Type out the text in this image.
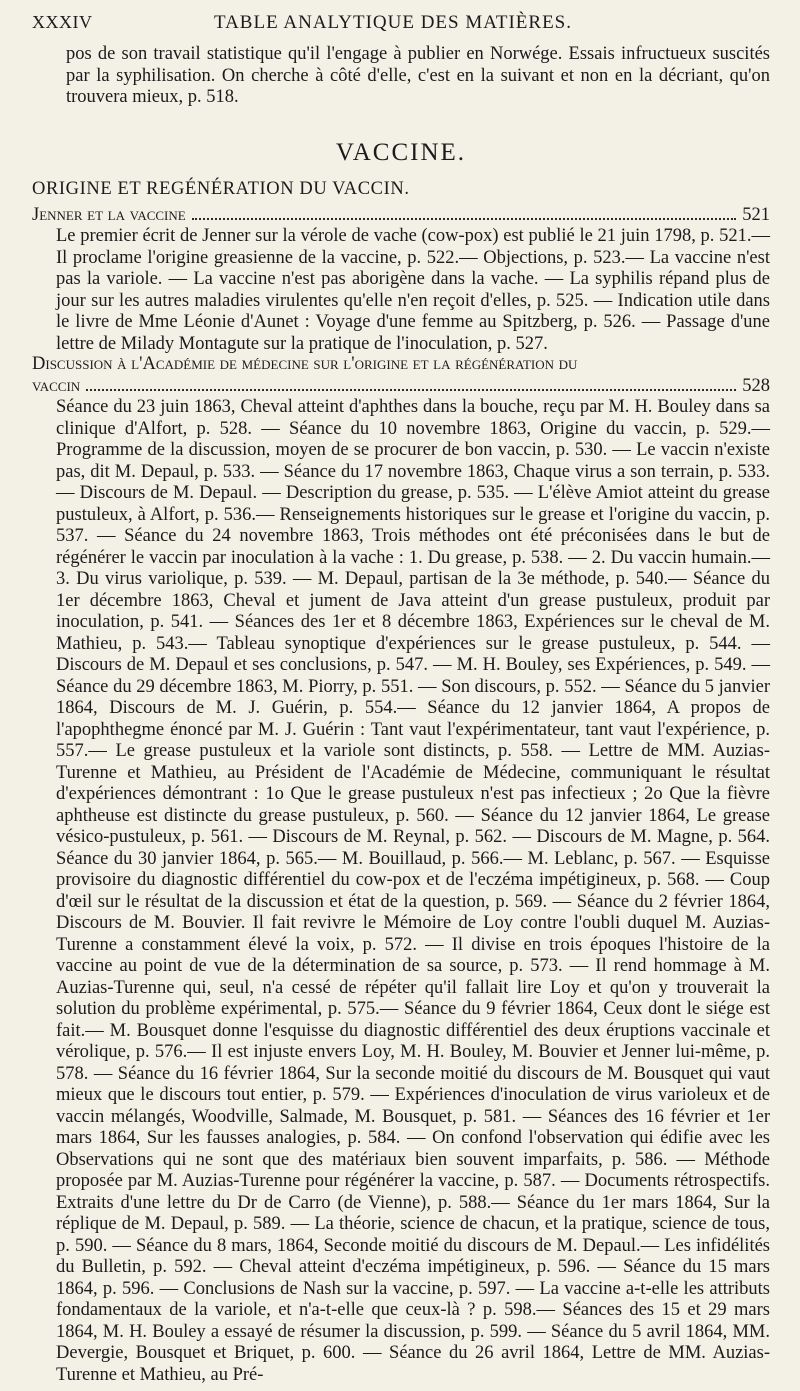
XXXIV	TABLE ANALYTIQUE DES MATIÈRES.

pos de son travail statistique qu'il l'engage à publier en Norwége. Essais infructueux suscités par la syphilisation. On cherche à côté d'elle, c'est en la suivant et non en la décriant, qu'on trouvera mieux, p. 518.

VACCINE.
ORIGINE ET REGÉNÉRATION DU VACCIN.
Jenner et la vaccine	521

Le premier écrit de Jenner sur la vérole de vache (cow-pox) est publié le 21 juin 1798, p. 521.— Il proclame l'origine greasienne de la vaccine, p. 522.— Objections, p. 523.— La vaccine n'est pas la variole. — La vaccine n'est pas aborigène dans la vache. — La syphilis répand plus de jour sur les autres maladies virulentes qu'elle n'en reçoit d'elles, p. 525. — Indication utile dans le livre de Mme Léonie d'Aunet : Voyage d'une femme au Spitzberg, p. 526. — Passage d'une lettre de Milady Montagute sur la pratique de l'inoculation, p. 527.

Discussion à l'Académie de médecine sur l'origine et la régénération du
vaccin	528

Séance du 23 juin 1863, Cheval atteint d'aphthes dans la bouche, reçu par M. H. Bouley dans sa clinique d'Alfort, p. 528. — Séance du 10 novembre 1863, Origine du vaccin, p. 529.— Programme de la discussion, moyen de se procurer de bon vaccin, p. 530. — Le vaccin n'existe pas, dit M. Depaul, p. 533. — Séance du 17 novembre 1863, Chaque virus a son terrain, p. 533. — Discours de M. Depaul. — Description du grease, p. 535. — L'élève Amiot atteint du grease pustuleux, à Alfort, p. 536.— Renseignements historiques sur le grease et l'origine du vaccin, p. 537. — Séance du 24 novembre 1863, Trois méthodes ont été préconisées dans le but de régénérer le vaccin par inoculation à la vache : 1. Du grease, p. 538. — 2. Du vaccin humain.— 3. Du virus variolique, p. 539. — M. Depaul, partisan de la 3e méthode, p. 540.— Séance du 1er décembre 1863, Cheval et jument de Java atteint d'un grease pustuleux, produit par inoculation, p. 541. — Séances des 1er et 8 décembre 1863, Expériences sur le cheval de M. Mathieu, p. 543.— Tableau synoptique d'expériences sur le grease pustuleux, p. 544. — Discours de M. Depaul et ses conclusions, p. 547. — M. H. Bouley, ses Expériences, p. 549. — Séance du 29 décembre 1863, M. Piorry, p. 551. — Son discours, p. 552. — Séance du 5 janvier 1864, Discours de M. J. Guérin, p. 554.— Séance du 12 janvier 1864, A propos de l'apophthegme énoncé par M. J. Guérin : Tant vaut l'expérimentateur, tant vaut l'expérience, p. 557.— Le grease pustuleux et la variole sont distincts, p. 558. — Lettre de MM. Auzias-Turenne et Mathieu, au Président de l'Académie de Médecine, communiquant le résultat d'expériences démontrant : 1o Que le grease pustuleux n'est pas infectieux ; 2o Que la fièvre aphtheuse est distincte du grease pustuleux, p. 560. — Séance du 12 janvier 1864, Le grease vésico-pustuleux, p. 561. — Discours de M. Reynal, p. 562. — Discours de M. Magne, p. 564. Séance du 30 janvier 1864, p. 565.— M. Bouillaud, p. 566.— M. Leblanc, p. 567. — Esquisse provisoire du diagnostic différentiel du cow-pox et de l'eczéma impétigineux, p. 568. — Coup d'œil sur le résultat de la discussion et état de la question, p. 569. — Séance du 2 février 1864, Discours de M. Bouvier. Il fait revivre le Mémoire de Loy contre l'oubli duquel M. Auzias-Turenne a constamment élevé la voix, p. 572. — Il divise en trois époques l'histoire de la vaccine au point de vue de la détermination de sa source, p. 573. — Il rend hommage à M. Auzias-Turenne qui, seul, n'a cessé de répéter qu'il fallait lire Loy et qu'on y trouverait la solution du problème expérimental, p. 575.— Séance du 9 février 1864, Ceux dont le siége est fait.— M. Bousquet donne l'esquisse du diagnostic différentiel des deux éruptions vaccinale et vérolique, p. 576.— Il est injuste envers Loy, M. H. Bouley, M. Bouvier et Jenner lui-même, p. 578. — Séance du 16 février 1864, Sur la seconde moitié du discours de M. Bousquet qui vaut mieux que le discours tout entier, p. 579. — Expériences d'inoculation de virus varioleux et de vaccin mélangés, Woodville, Salmade, M. Bousquet, p. 581. — Séances des 16 février et 1er mars 1864, Sur les fausses analogies, p. 584. — On confond l'observation qui édifie avec les Observations qui ne sont que des matériaux bien souvent imparfaits, p. 586. — Méthode proposée par M. Auzias-Turenne pour régénérer la vaccine, p. 587. — Documents rétrospectifs. Extraits d'une lettre du Dr de Carro (de Vienne), p. 588.— Séance du 1er mars 1864, Sur la réplique de M. Depaul, p. 589. — La théorie, science de chacun, et la pratique, science de tous, p. 590. — Séance du 8 mars, 1864, Seconde moitié du discours de M. Depaul.— Les infidélités du Bulletin, p. 592. — Cheval atteint d'eczéma impétigineux, p. 596. — Séance du 15 mars 1864, p. 596. — Conclusions de Nash sur la vaccine, p. 597. — La vaccine a-t-elle les attributs fondamentaux de la variole, et n'a-t-elle que ceux-là ? p. 598.— Séances des 15 et 29 mars 1864, M. H. Bouley a essayé de résumer la discussion, p. 599. — Séance du 5 avril 1864, MM. Devergie, Bousquet et Briquet, p. 600. — Séance du 26 avril 1864, Lettre de MM. Auzias-Turenne et Mathieu, au Pré-
